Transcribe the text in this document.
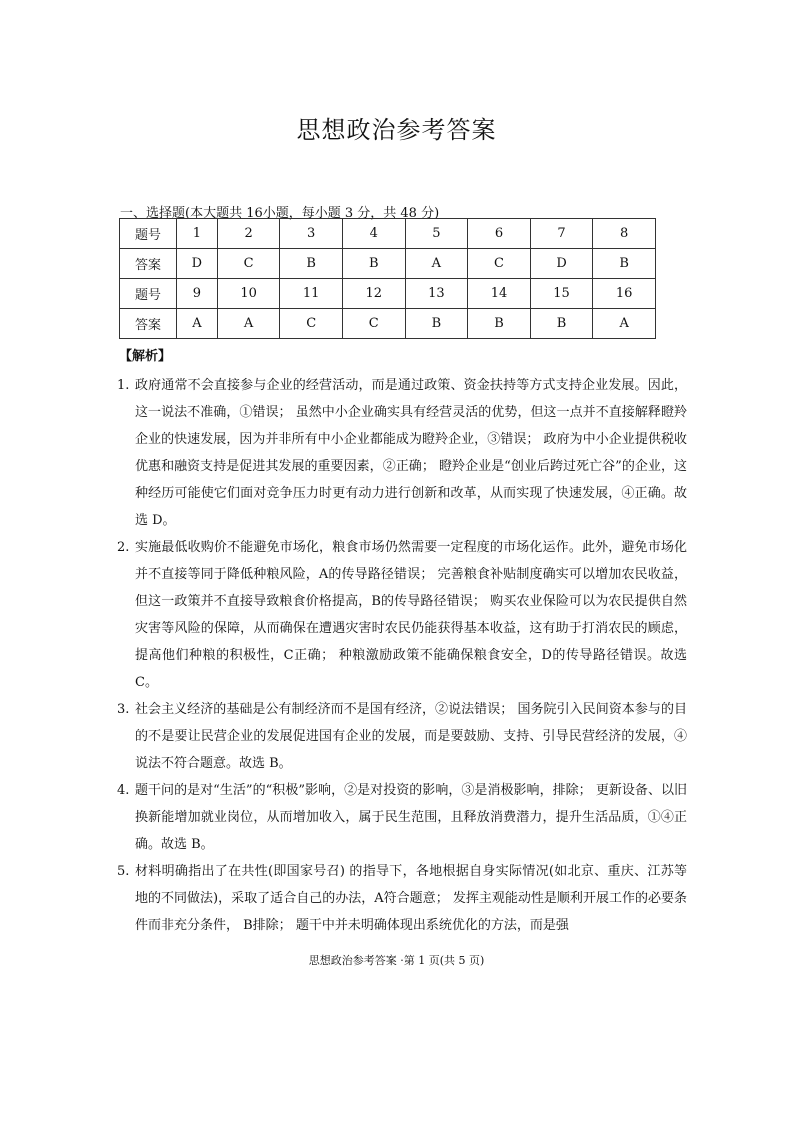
思想政治参考答案
一、选择题(本大题共 16小题，每小题 3 分，共 48 分)
题号	1	2	3	4	5	6	7	8
答案	D	C	B	B	A	C	D	B
题号	9	10	11	12	13	14	15	16
答案	A	A	C	C	B	B	B	A
【解析】

1. 政府通常不会直接参与企业的经营活动，而是通过政策、资金扶持等方式支持企业发展。因此，这一说法不准确，①错误； 虽然中小企业确实具有经营灵活的优势，但这一点并不直接解释瞪羚企业的快速发展，因为并非所有中小企业都能成为瞪羚企业，③错误； 政府为中小企业提供税收优惠和融资支持是促进其发展的重要因素，②正确； 瞪羚企业是“创业后跨过死亡谷”的企业，这种经历可能使它们面对竞争压力时更有动力进行创新和改革，从而实现了快速发展，④正确。故选 D。

2. 实施最低收购价不能避免市场化，粮食市场仍然需要一定程度的市场化运作。此外，避免市场化并不直接等同于降低种粮风险，A的传导路径错误； 完善粮食补贴制度确实可以增加农民收益，但这一政策并不直接导致粮食价格提高，B的传导路径错误； 购买农业保险可以为农民提供自然灾害等风险的保障，从而确保在遭遇灾害时农民仍能获得基本收益，这有助于打消农民的顾虑，提高他们种粮的积极性，C正确； 种粮激励政策不能确保粮食安全，D的传导路径错误。故选 C。

3. 社会主义经济的基础是公有制经济而不是国有经济，②说法错误； 国务院引入民间资本参与的目的不是要让民营企业的发展促进国有企业的发展，而是要鼓励、支持、引导民营经济的发展，④说法不符合题意。故选 B。

4. 题干问的是对“生活”的“积极”影响，②是对投资的影响，③是消极影响，排除； 更新设备、以旧换新能增加就业岗位，从而增加收入，属于民生范围，且释放消费潜力，提升生活品质，①④正确。故选 B。

5. 材料明确指出了在共性(即国家号召) 的指导下，各地根据自身实际情况(如北京、重庆、江苏等地的不同做法)，采取了适合自己的办法，A符合题意； 发挥主观能动性是顺利开展工作的必要条件而非充分条件， B排除； 题干中并未明确体现出系统优化的方法，而是强

思想政治参考答案 ·第 1 页(共 5 页)
